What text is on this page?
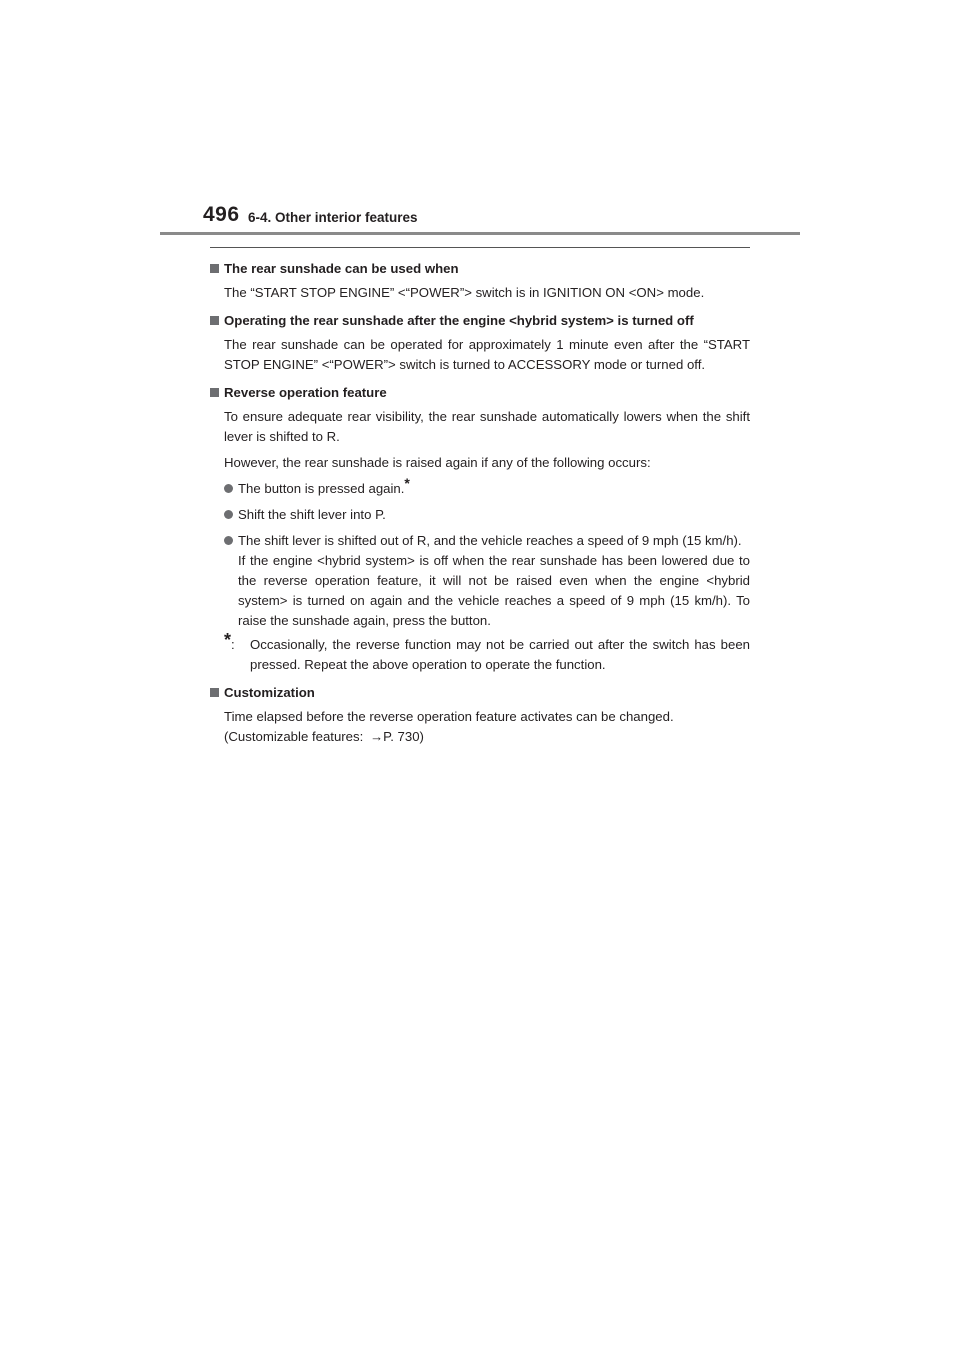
496 6-4. Other interior features
The rear sunshade can be used when
The “START STOP ENGINE” <“POWER”> switch is in IGNITION ON <ON> mode.
Operating the rear sunshade after the engine <hybrid system> is turned off
The rear sunshade can be operated for approximately 1 minute even after the “START STOP ENGINE” <“POWER”> switch is turned to ACCESSORY mode or turned off.
Reverse operation feature
To ensure adequate rear visibility, the rear sunshade automatically lowers when the shift lever is shifted to R.
However, the rear sunshade is raised again if any of the following occurs:
The button is pressed again.*
Shift the shift lever into P.
The shift lever is shifted out of R, and the vehicle reaches a speed of 9 mph (15 km/h).
If the engine <hybrid system> is off when the rear sunshade has been lowered due to the reverse operation feature, it will not be raised even when the engine <hybrid system> is turned on again and the vehicle reaches a speed of 9 mph (15 km/h). To raise the sunshade again, press the button.
*:	Occasionally, the reverse function may not be carried out after the switch has been pressed. Repeat the above operation to operate the function.
Customization
Time elapsed before the reverse operation feature activates can be changed.
(Customizable features: →P. 730)
